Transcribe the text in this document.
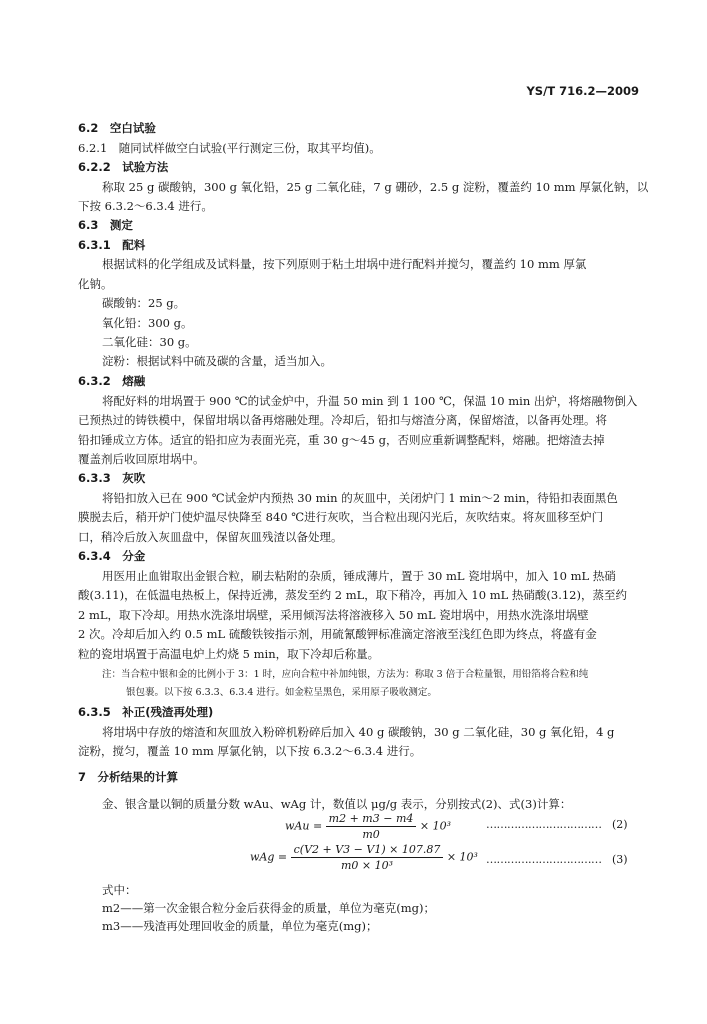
YS/T 716.2—2009
6.2　空白试验
6.2.1　随同试样做空白试验(平行测定三份，取其平均值)。
6.2.2　试验方法
称取 25 g 碳酸钠，300 g 氧化铅，25 g 二氧化硅，7 g 硼砂，2.5 g 淀粉，覆盖约 10 mm 厚氯化钠，以
下按 6.3.2～6.3.4 进行。
6.3　测定
6.3.1　配料
根据试料的化学组成及试料量，按下列原则于粘土坩埚中进行配料并搅匀，覆盖约 10 mm 厚氯
化钠。
碳酸钠：25 g。
氧化铅：300 g。
二氧化硅：30 g。
淀粉：根据试料中硫及碳的含量，适当加入。
6.3.2　熔融
将配好料的坩埚置于 900 ℃的试金炉中，升温 50 min 到 1 100 ℃，保温 10 min 出炉，将熔融物倒入
已预热过的铸铁模中，保留坩埚以备再熔融处理。冷却后，铅扣与熔渣分离，保留熔渣，以备再处理。将
铅扣锤成立方体。适宜的铅扣应为表面光亮，重 30 g～45 g，否则应重新调整配料，熔融。把熔渣去掉
覆盖剂后收回原坩埚中。
6.3.3　灰吹
将铅扣放入已在 900 ℃试金炉内预热 30 min 的灰皿中，关闭炉门 1 min～2 min，待铅扣表面黑色
膜脱去后，稍开炉门使炉温尽快降至 840 ℃进行灰吹，当合粒出现闪光后，灰吹结束。将灰皿移至炉门
口，稍冷后放入灰皿盘中，保留灰皿残渣以备处理。
6.3.4　分金
用医用止血钳取出金银合粒，刷去粘附的杂质，锤成薄片，置于 30 mL 瓷坩埚中，加入 10 mL 热硝
酸(3.11)，在低温电热板上，保持近沸，蒸发至约 2 mL，取下稍冷，再加入 10 mL 热硝酸(3.12)，蒸至约
2 mL，取下冷却。用热水洗涤坩埚壁，采用倾泻法将溶液移入 50 mL 瓷坩埚中，用热水洗涤坩埚壁
2 次。冷却后加入约 0.5 mL 硫酸铁铵指示剂，用硫氰酸钾标准滴定溶液至浅红色即为终点，将盛有金
粒的瓷坩埚置于高温电炉上灼烧 5 min，取下冷却后称量。
注：当合粒中银和金的比例小于 3：1 时，应向合粒中补加纯银，方法为：称取 3 倍于合粒量银，用铅箔将合粒和纯
银包裹。以下按 6.3.3、6.3.4 进行。如金粒呈黑色，采用原子吸收测定。
6.3.5　补正(残渣再处理)
将坩埚中存放的熔渣和灰皿放入粉碎机粉碎后加入 40 g 碳酸钠，30 g 二氧化硅，30 g 氧化铅，4 g
淀粉，搅匀，覆盖 10 mm 厚氯化钠，以下按 6.3.2～6.3.4 进行。
7　分析结果的计算
金、银含量以铜的质量分数 wAu、wAg 计，数值以 μg/g 表示，分别按式(2)、式(3)计算：
wAu = $\frac{m2 + m3 - m4}{m0} \times 10^3$	…………………………… (2)
wAg = $\frac{c(V2 + V3 - V1) \times 107.87}{\text{m0 × 10³}} \times 10^3$ …………………………… (3)
式中：
m2——第一次金银合粒分金后获得金的质量，单位为毫克(mg)；
m3——残渣再处理回收金的质量，单位为毫克(mg)；
